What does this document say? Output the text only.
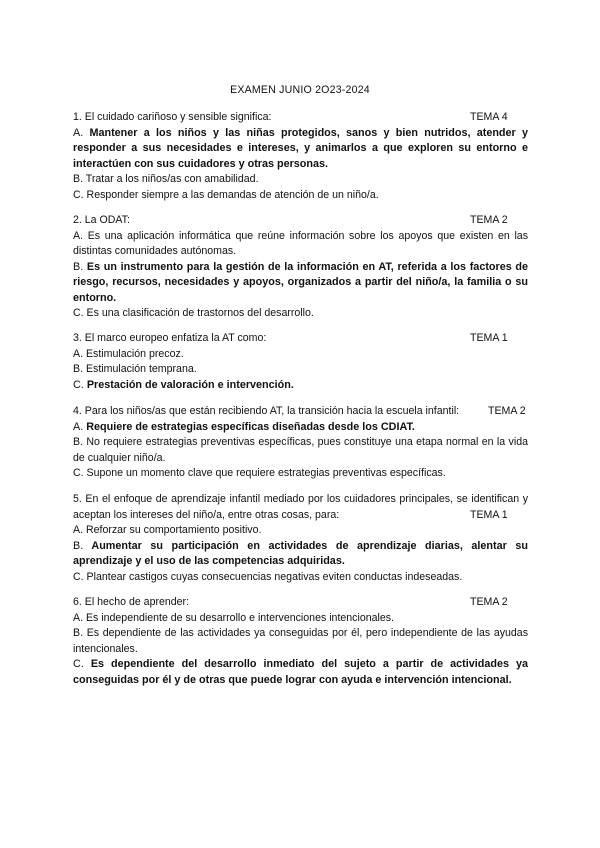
EXAMEN JUNIO 2O23-2024
1. El cuidado cariñoso y sensible significa:	TEMA 4
A. Mantener a los niños y las niñas protegidos, sanos y bien nutridos, atender y responder a sus necesidades e intereses, y animarlos a que exploren su entorno e interactúen con sus cuidadores y otras personas.
B. Tratar a los niños/as con amabilidad.
C. Responder siempre a las demandas de atención de un niño/a.
2. La ODAT:	TEMA 2
A. Es una aplicación informática que reúne información sobre los apoyos que existen en las distintas comunidades autónomas.
B. Es un instrumento para la gestión de la información en AT, referida a los factores de riesgo, recursos, necesidades y apoyos, organizados a partir del niño/a, la familia o su entorno.
C. Es una clasificación de trastornos del desarrollo.
3. El marco europeo enfatiza la AT como:	TEMA 1
A. Estimulación precoz.
B. Estimulación temprana.
C. Prestación de valoración e intervención.
4. Para los niños/as que están recibiendo AT, la transición hacia la escuela infantil:	TEMA 2
A. Requiere de estrategias específicas diseñadas desde los CDIAT.
B. No requiere estrategias preventivas específicas, pues constituye una etapa normal en la vida de cualquier niño/a.
C. Supone un momento clave que requiere estrategias preventivas específicas.
5. En el enfoque de aprendizaje infantil mediado por los cuidadores principales, se identifican y aceptan los intereses del niño/a, entre otras cosas, para:	TEMA 1
A. Reforzar su comportamiento positivo.
B. Aumentar su participación en actividades de aprendizaje diarias, alentar su aprendizaje y el uso de las competencias adquiridas.
C. Plantear castigos cuyas consecuencias negativas eviten conductas indeseadas.
6. El hecho de aprender:	TEMA 2
A. Es independiente de su desarrollo e intervenciones intencionales.
B. Es dependiente de las actividades ya conseguidas por él, pero independiente de las ayudas intencionales.
C. Es dependiente del desarrollo inmediato del sujeto a partir de actividades ya conseguidas por él y de otras que puede lograr con ayuda e intervención intencional.
